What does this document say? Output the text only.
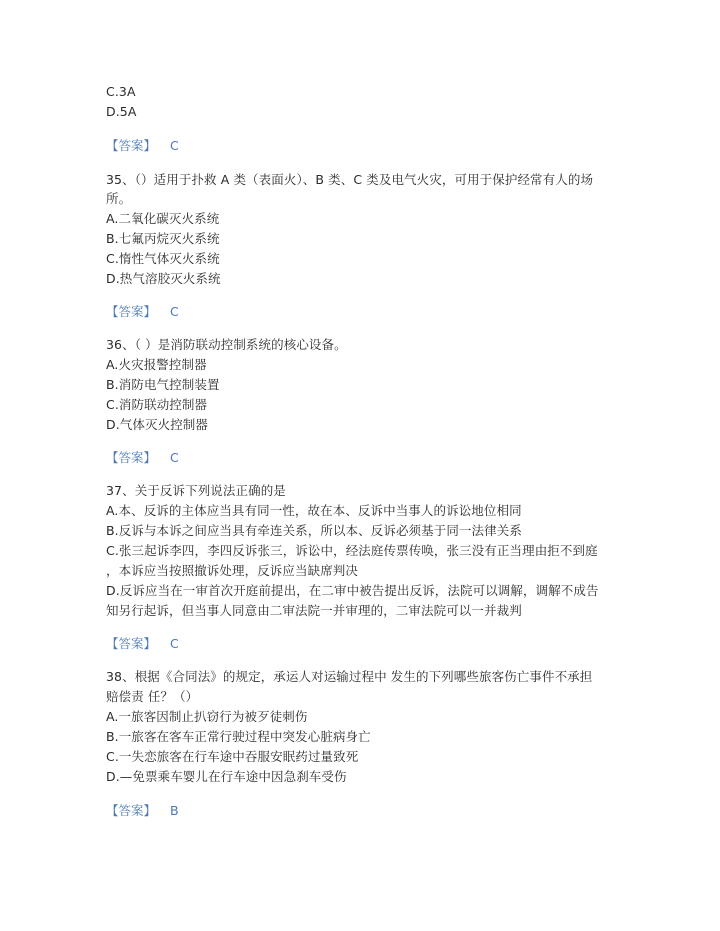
C.3A
D.5A
【答案】 C
35、（）适用于扑救 A 类（表面火）、B 类、C 类及电气火灾，可用于保护经常有人的场
所。
A.二氧化碳灭火系统
B.七氟丙烷灭火系统
C.惰性气体灭火系统
D.热气溶胶灭火系统
【答案】 C
36、（ ）是消防联动控制系统的核心设备。
A.火灾报警控制器
B.消防电气控制装置
C.消防联动控制器
D.气体灭火控制器
【答案】 C
37、关于反诉下列说法正确的是
A.本、反诉的主体应当具有同一性，故在本、反诉中当事人的诉讼地位相同
B.反诉与本诉之间应当具有牵连关系，所以本、反诉必须基于同一法律关系
C.张三起诉李四，李四反诉张三，诉讼中，经法庭传票传唤，张三没有正当理由拒不到庭
，本诉应当按照撤诉处理，反诉应当缺席判决
D.反诉应当在一审首次开庭前提出，在二审中被告提出反诉，法院可以调解，调解不成告
知另行起诉，但当事人同意由二审法院一并审理的，二审法院可以一并裁判
【答案】 C
38、根据《合同法》的规定，承运人对运输过程中 发生的下列哪些旅客伤亡事件不承担
赔偿责 任？（）
A.一旅客因制止扒窃行为被歹徒刺伤
B.一旅客在客车正常行驶过程中突发心脏病身亡
C.一失恋旅客在行车途中吞服安眠药过量致死
D.—免票乘车婴儿在行车途中因急刹车受伤
【答案】 B
